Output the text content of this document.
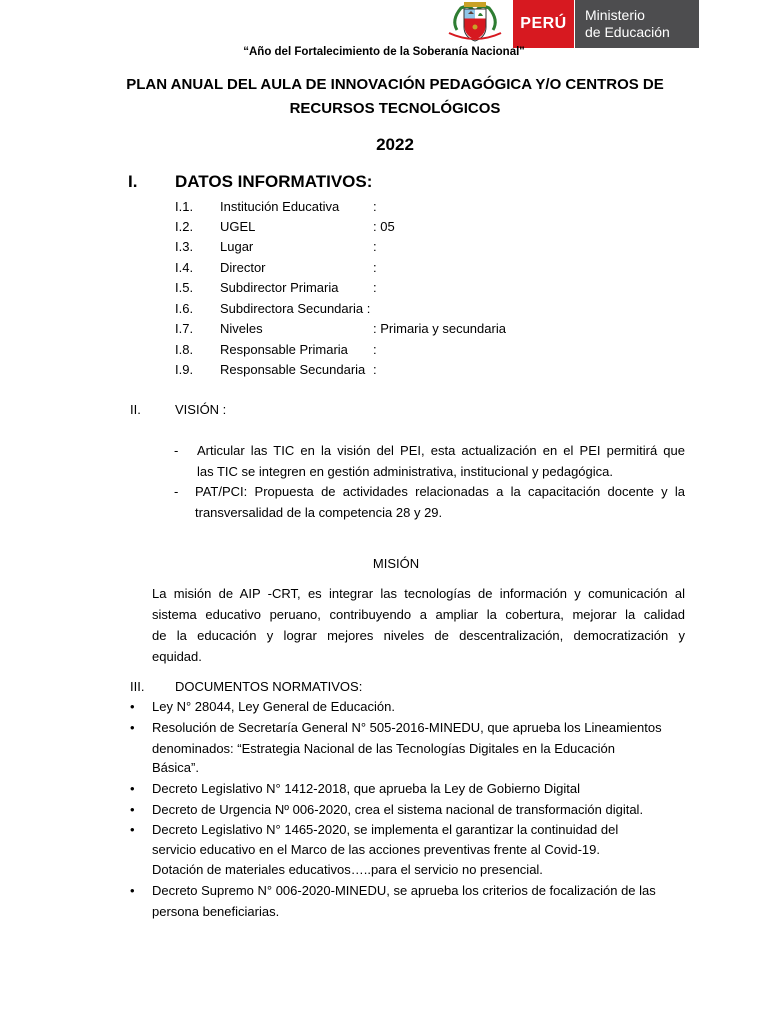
PERÚ	Ministerio
de Educación
“Año del Fortalecimiento de la Soberanía Nacional"
PLAN ANUAL DEL AULA DE INNOVACIÓN PEDAGÓGICA Y/O CENTROS DE
RECURSOS TECNOLÓGICOS
2022
I. DATOS INFORMATIVOS:
I.1. Institución Educativa	:
I.2. UGEL	: 05
I.3. Lugar	:
I.4. Director	:
I.5. Subdirector Primaria	:
I.6. Subdirectora Secundaria :
I.7. Niveles	: Primaria y secundaria
I.8. Responsable Primaria :
I.9. Responsable Secundaria :
II.	VISIÓN :
- Articular las TIC en la visión del PEI, esta actualización en el PEI permitirá que
las TIC se integren en gestión administrativa, institucional y pedagógica.
- PAT/PCI: Propuesta de actividades relacionadas a la capacitación docente y la
transversalidad de la competencia 28 y 29.
MISIÓN
La misión de AIP -CRT, es integrar las tecnologías de información y comunicación al
sistema educativo peruano, contribuyendo a ampliar la cobertura, mejorar la calidad
de la educación y lograr mejores niveles de descentralización, democratización y
equidad.
III. DOCUMENTOS NORMATIVOS:
• Ley N° 28044, Ley General de Educación.
• Resolución de Secretaría General N° 505-2016-MINEDU, que aprueba los Lineamientos
denominados: “Estrategia Nacional de las Tecnologías Digitales en la Educación
Básica”.
• Decreto Legislativo N° 1412-2018, que aprueba la Ley de Gobierno Digital
• Decreto de Urgencia Nº 006-2020, crea el sistema nacional de transformación digital.
• Decreto Legislativo N° 1465-2020, se implementa el garantizar la continuidad del
servicio educativo en el Marco de las acciones preventivas frente al Covid-19.
Dotación de materiales educativos…..para el servicio no presencial.
• Decreto Supremo N° 006-2020-MINEDU, se aprueba los criterios de focalización de las
persona beneficiarias.
